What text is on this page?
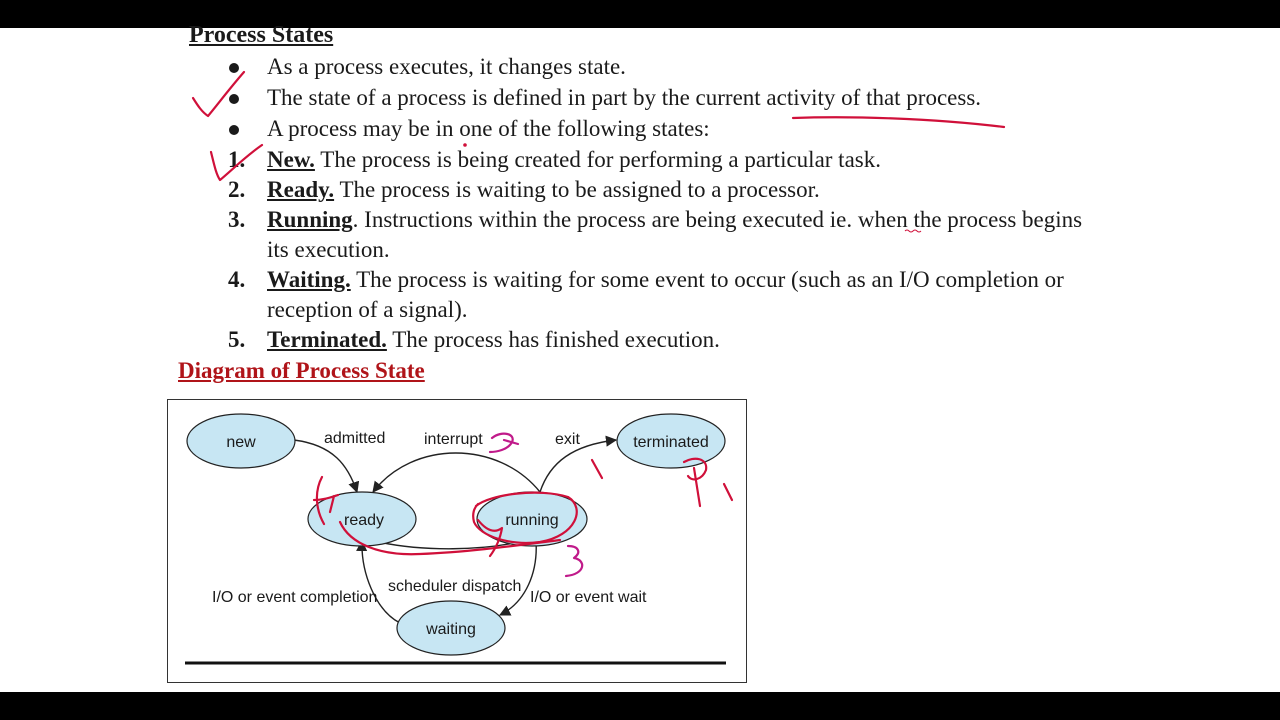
Process States
As a process executes, it changes state.
The state of a process is defined in part by the current activity of that process.
A process may be in one of the following states:
1. New. The process is being created for performing a particular task.
2. Ready. The process is waiting to be assigned to a processor.
3. Running. Instructions within the process are being executed ie. when the process begins
its execution.
4. Waiting. The process is waiting for some event to occur (such as an I/O completion or
reception of a signal).
5. Terminated. The process has finished execution.
Diagram of Process State
admitted interrupt	exit
scheduler dispatch
I/O or event completion	I/O or event wait
new
ready	running
terminated
waiting
